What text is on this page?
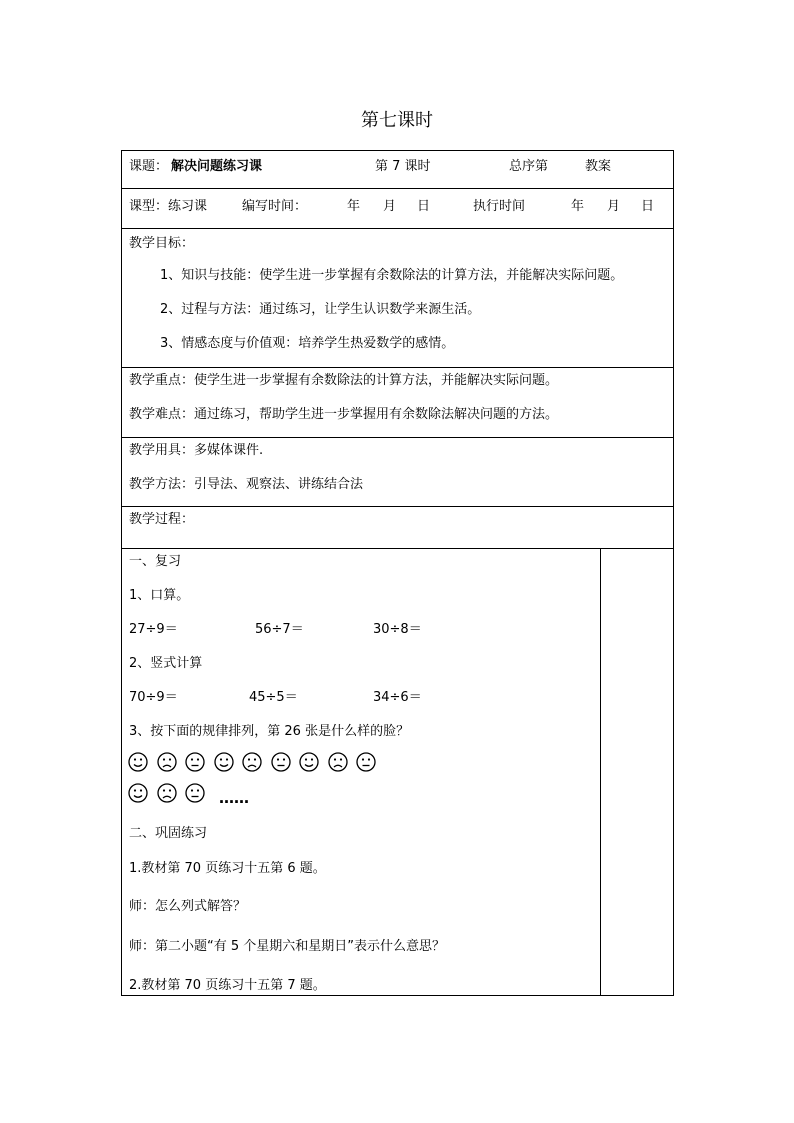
第七课时
课题： 解决问题练习课	第 7 课时	总序第	教案
课型：练习课	编写时间：	年 月 日	执行时间	年 月 日
教学目标：
1、知识与技能：使学生进一步掌握有余数除法的计算方法，并能解决实际问题。
2、过程与方法：通过练习，让学生认识数学来源生活。
3、情感态度与价值观：培养学生热爱数学的感情。
教学重点：使学生进一步掌握有余数除法的计算方法，并能解决实际问题。
教学难点：通过练习，帮助学生进一步掌握用有余数除法解决问题的方法。
教学用具：多媒体课件.
教学方法：引导法、观察法、讲练结合法
教学过程：
一、复习
1、口算。
27÷9＝	56÷7＝	30÷8＝
2、竖式计算
70÷9＝	45÷5＝	34÷6＝
3、按下面的规律排列，第 26 张是什么样的脸？
……
二、巩固练习
1.教材第 70 页练习十五第 6 题。
师：怎么列式解答？
师：第二小题“有 5 个星期六和星期日”表示什么意思？
2.教材第 70 页练习十五第 7 题。
